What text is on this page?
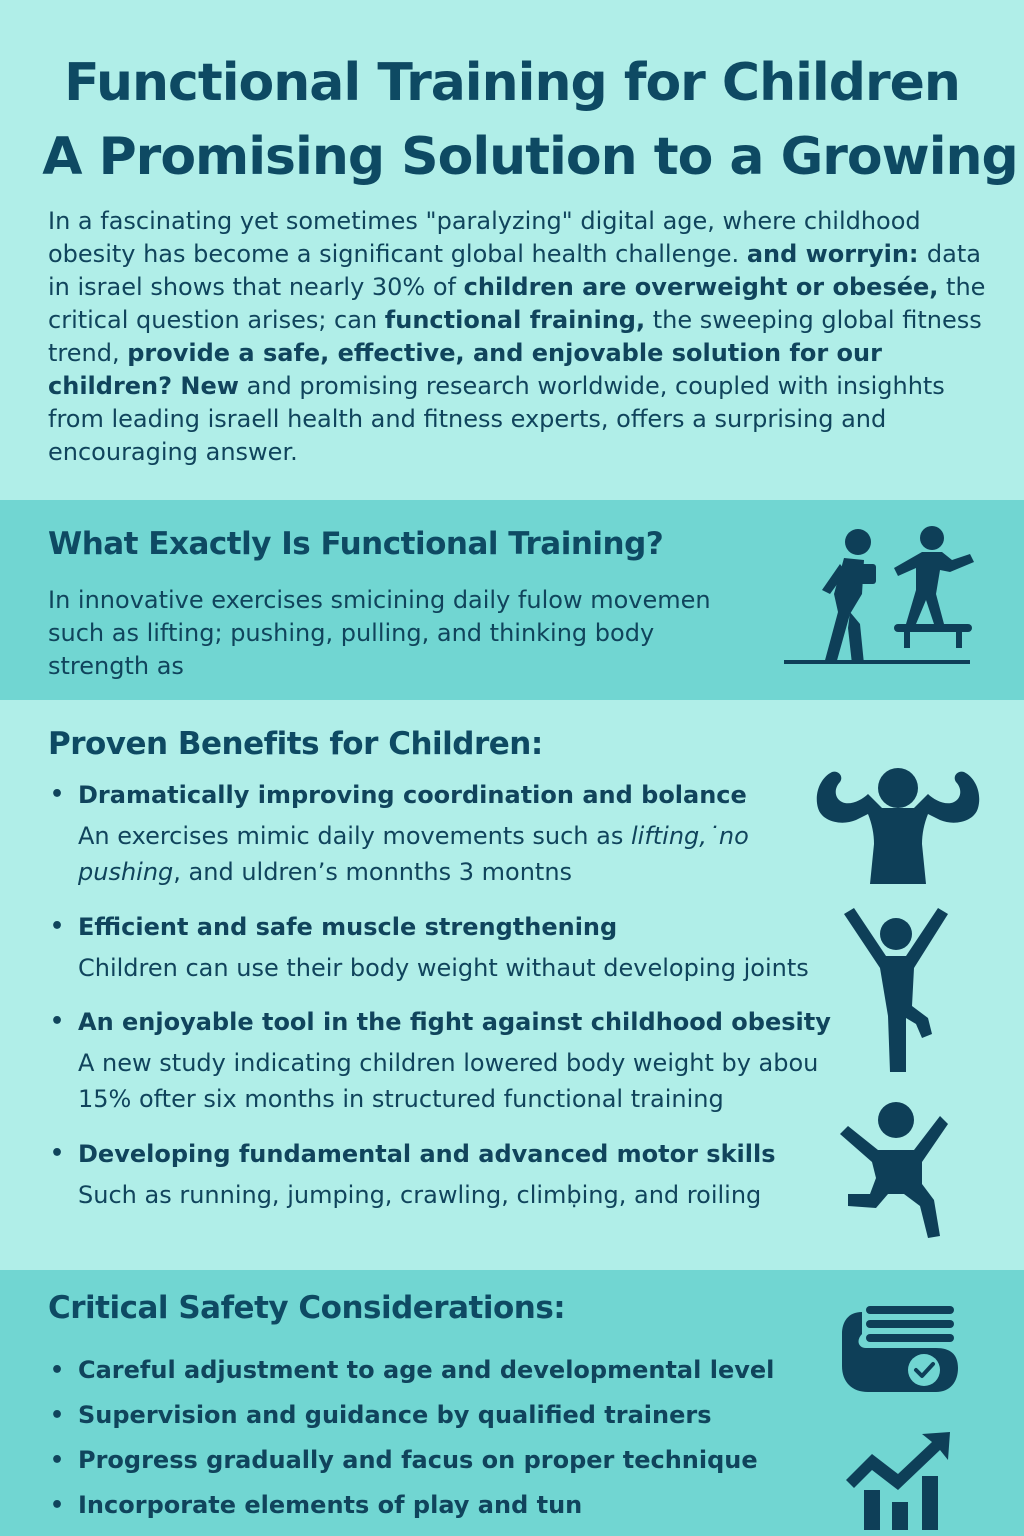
Functional Training for Children
A Promising Solution to a Growing

In a fascinating yet sometimes "paralyzing" digital age, where childhood obesity has become a significant global health challenge. and worryin: data in israel shows that nearly 30% of children are overweight or obesée, the critical question arises; can functional fraining, the sweeping global fitness trend, provide a safe, effective, and enjovable solution for our children? New and promising research worldwide, coupled with insighhts from leading israell health and fitness experts, offers a surprising and encouraging answer.

What Exactly Is Functional Training?

In innovative exercises smicining daily fulow movemen such as lifting; pushing, pulling, and thinking body strength as

Proven Benefits for Children:
• Dramatically improving coordination and bolance
An exercises mimic daily movements such as lifting,˙no pushing, and uldren’s monnths 3 montns
• Efficient and safe muscle strengthening
Children can use their body weight withaut developing joints
• An enjoyable tool in the fight against childhood obesity
A new study indicating children lowered body weight by abou 15% ofter six months in structured functional training
• Developing fundamental and advanced motor skills
Such as running, jumping, crawling, climḅing, and roiling
Critical Safety Considerations:
• Careful adjustment to age and developmental level
• Supervision and guidance by qualified trainers
• Progress gradually and facus on proper technique
• Incorporate elements of play and tun
